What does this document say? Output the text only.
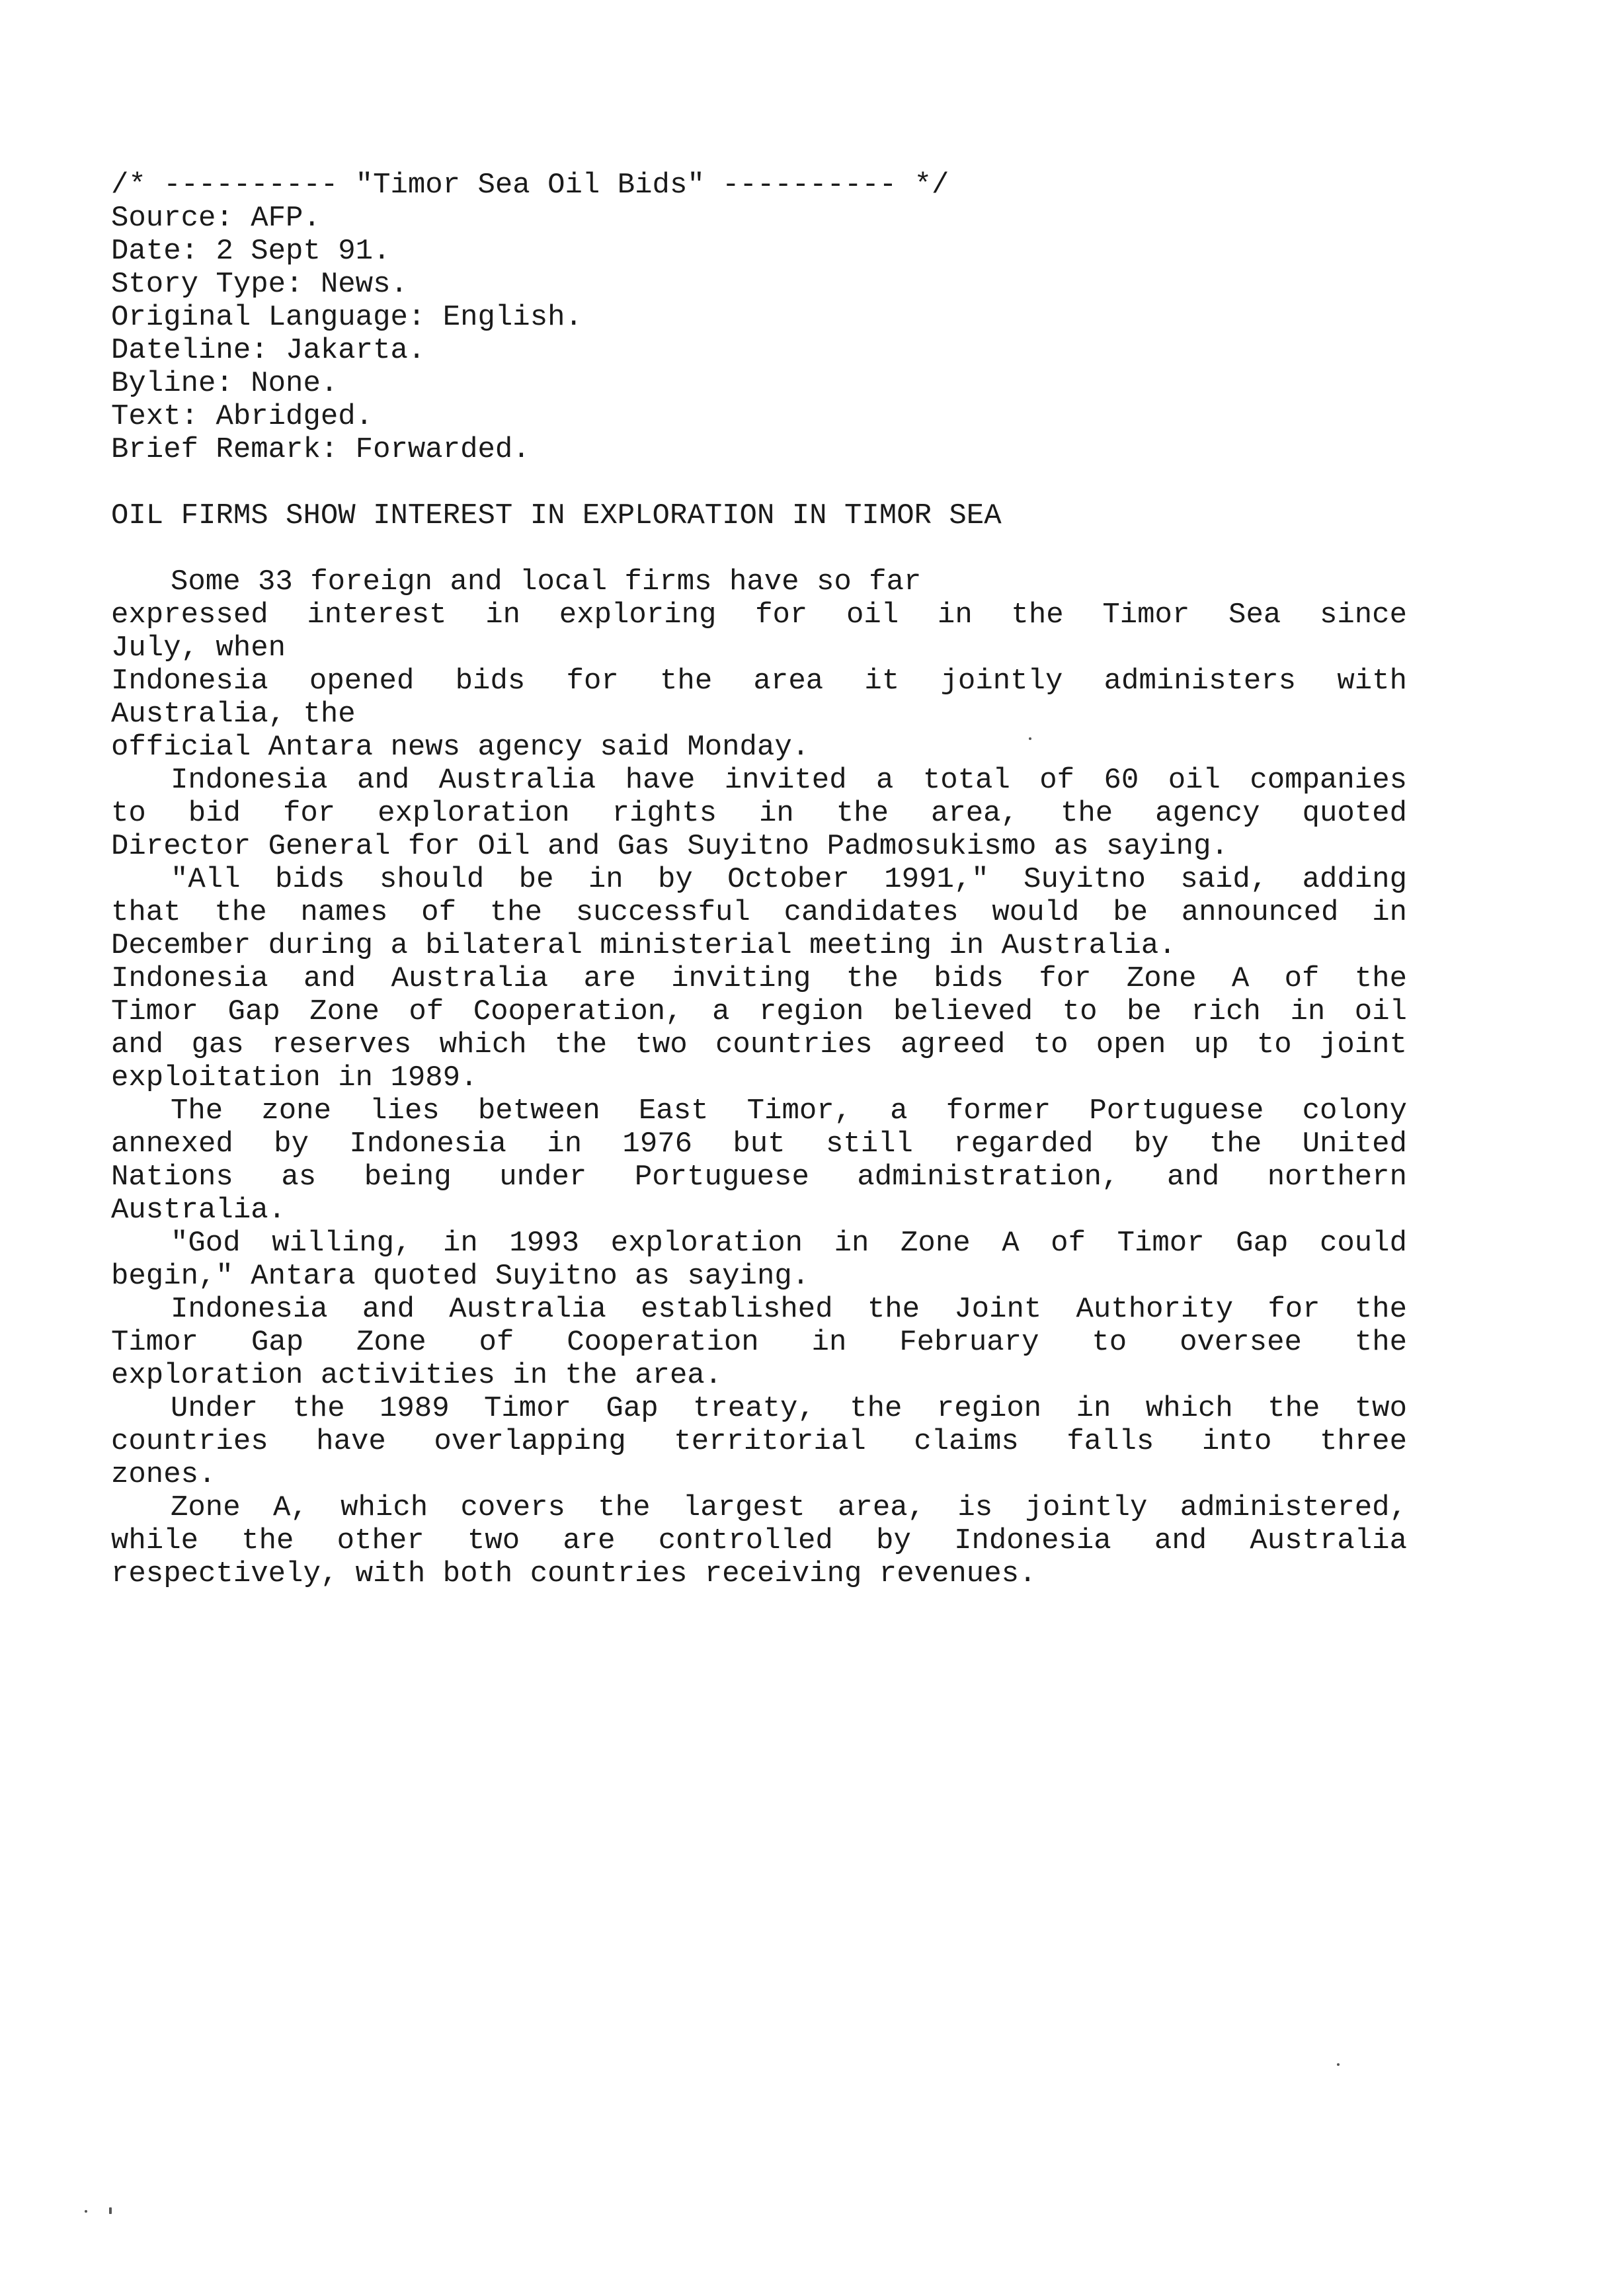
/* ---------- "Timor Sea Oil Bids" ---------- */
Source: AFP.
Date: 2 Sept 91.
Story Type: News.
Original Language: English.
Dateline: Jakarta.
Byline: None.
Text: Abridged.
Brief Remark: Forwarded.
OIL FIRMS SHOW INTEREST IN EXPLORATION IN TIMOR SEA
Some 33 foreign and local firms have so far
expressed interest in exploring for oil in the Timor Sea since
July, when
Indonesia opened bids for the area it jointly administers with
Australia, the
official Antara news agency said Monday.
Indonesia and Australia have invited a total of 60 oil companies
to bid for exploration rights in the area, the agency quoted
Director General for Oil and Gas Suyitno Padmosukismo as saying.
"All bids should be in by October 1991," Suyitno said, adding
that the names of the successful candidates would be announced in
December during a bilateral ministerial meeting in Australia.
Indonesia and Australia are inviting the bids for Zone A of the
Timor Gap Zone of Cooperation, a region believed to be rich in oil
and gas reserves which the two countries agreed to open up to joint
exploitation in 1989.
The zone lies between East Timor, a former Portuguese colony
annexed by Indonesia in 1976 but still regarded by the United
Nations as being under Portuguese administration, and northern
Australia.
"God willing, in 1993 exploration in Zone A of Timor Gap could
begin," Antara quoted Suyitno as saying.
Indonesia and Australia established the Joint Authority for the
Timor Gap Zone of Cooperation in February to oversee the
exploration activities in the area.
Under the 1989 Timor Gap treaty, the region in which the two
countries have overlapping territorial claims falls into three
zones.
Zone A, which covers the largest area, is jointly administered,
while the other two are controlled by Indonesia and Australia
respectively, with both countries receiving revenues.
